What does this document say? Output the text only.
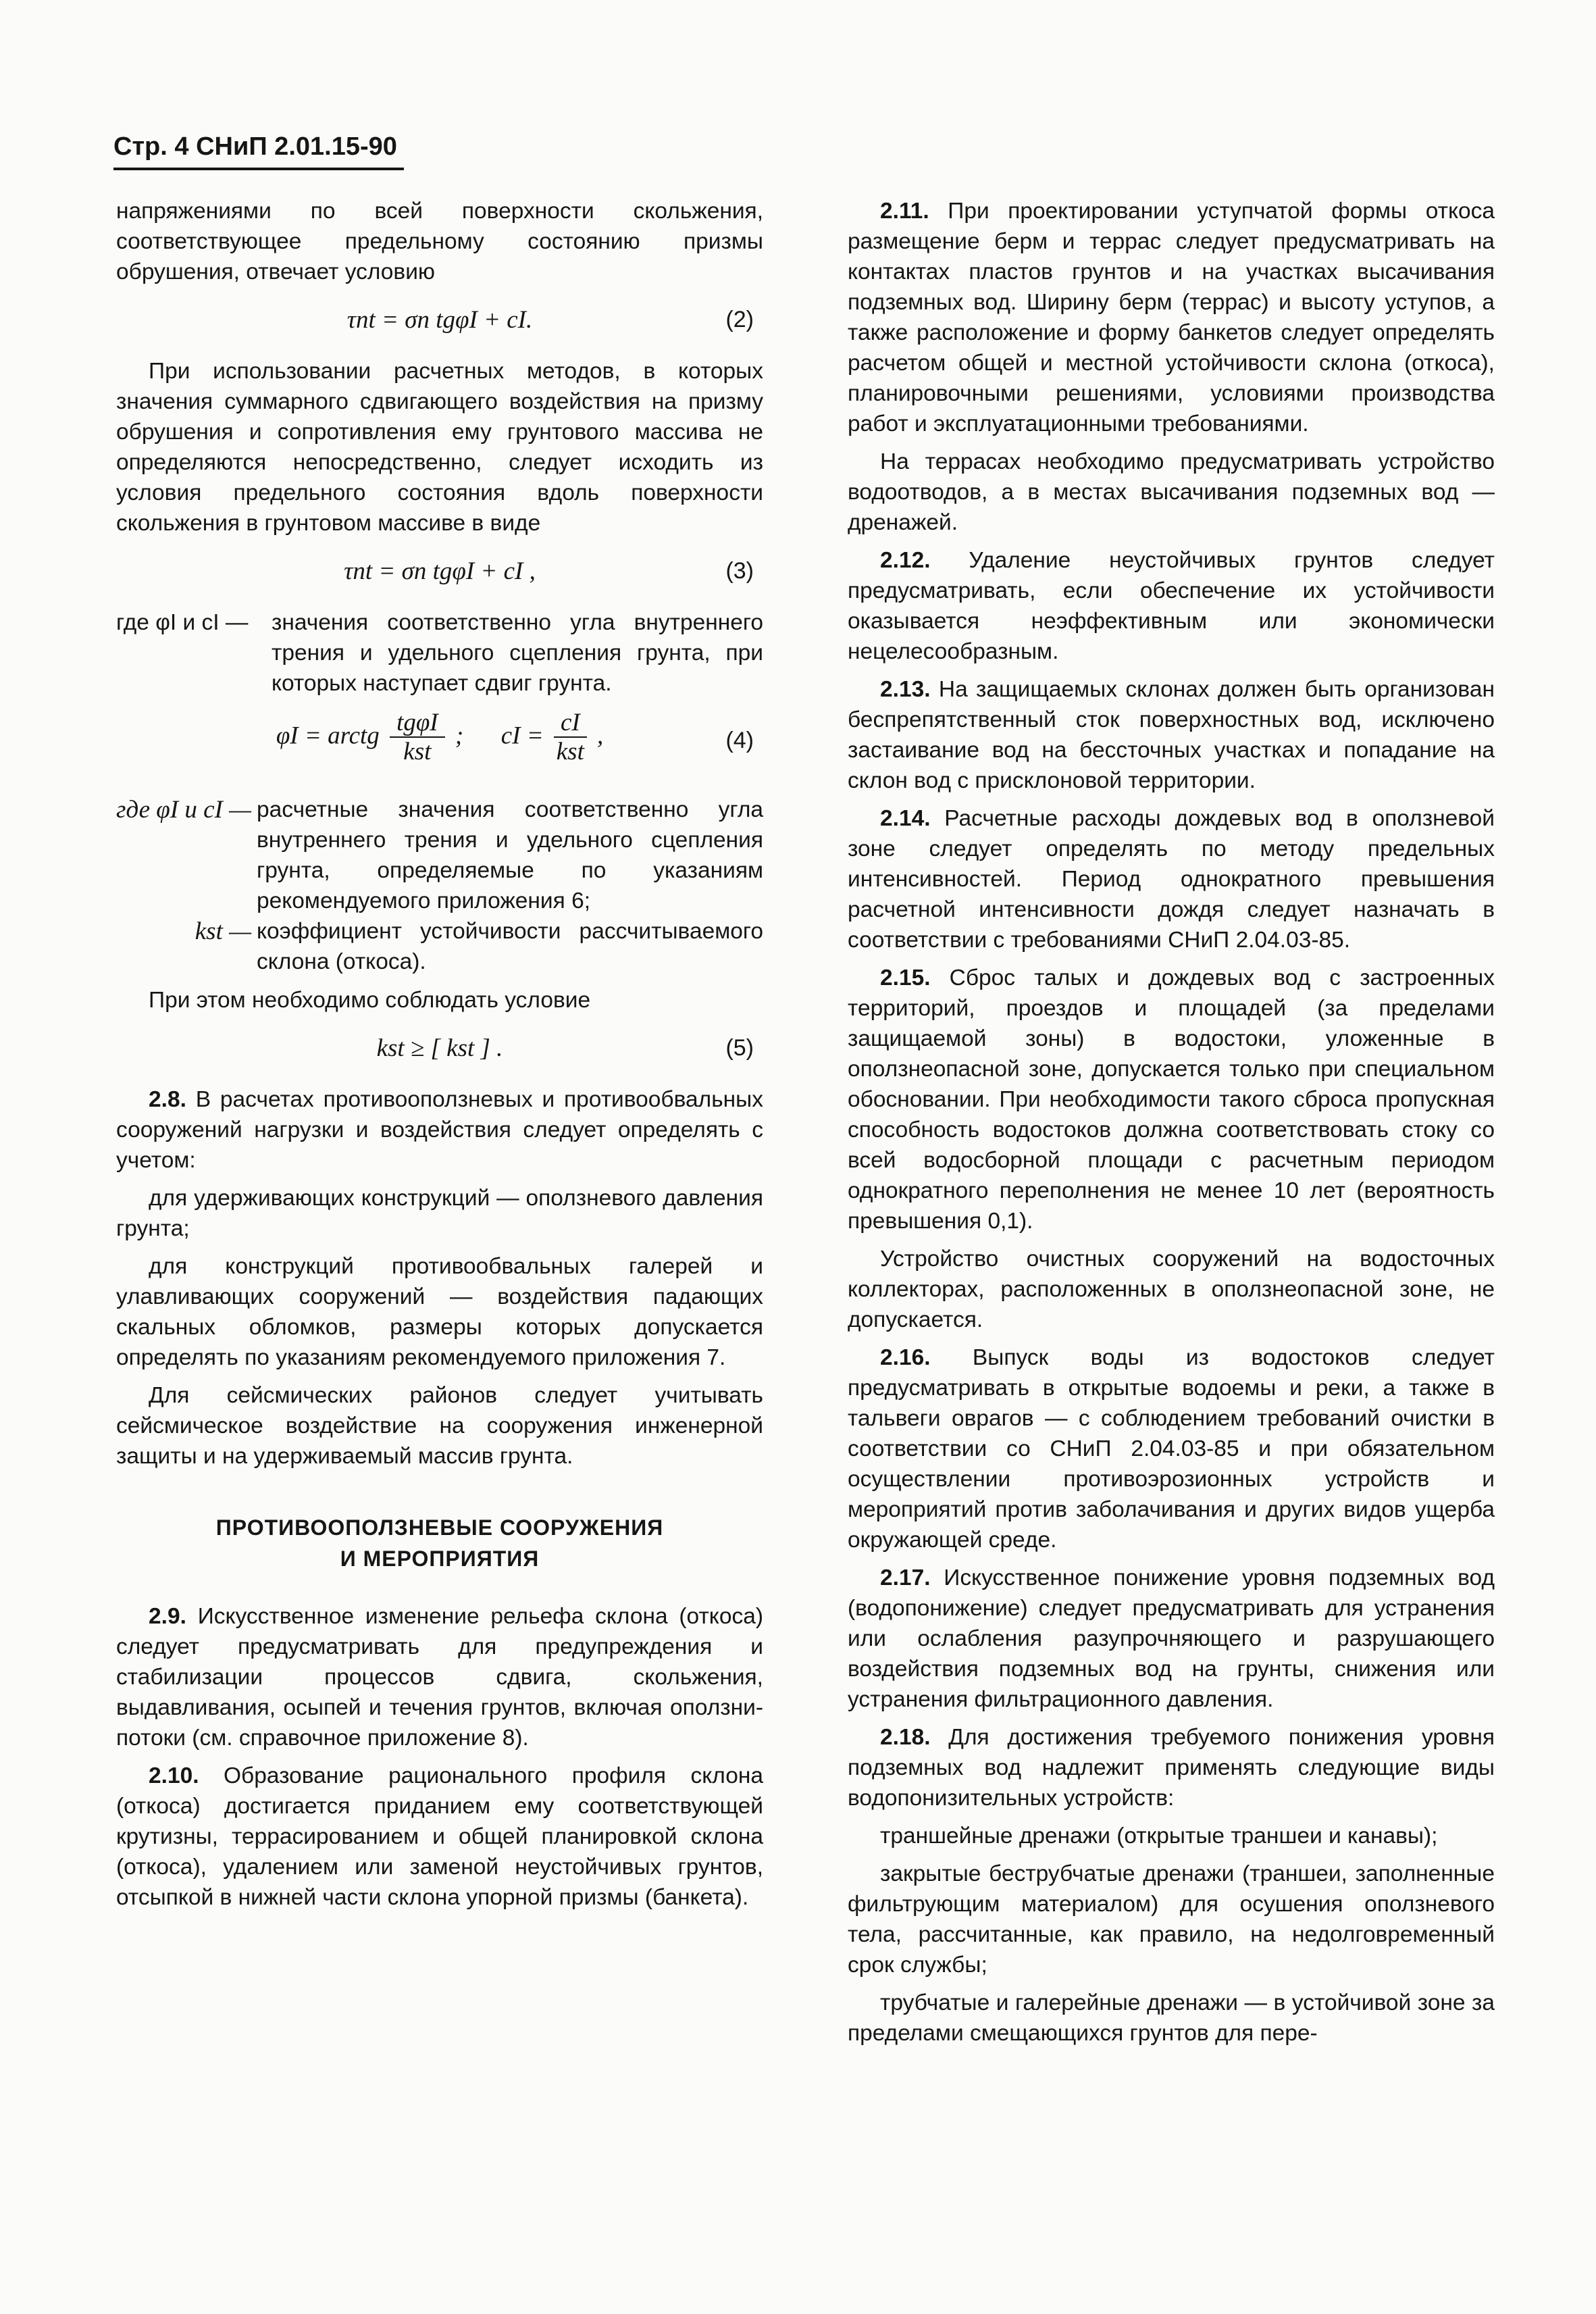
Стр. 4 СНиП 2.01.15-90

напряжениями по всей поверхности скольжения, соответствующее предельному состоянию призмы обрушения, отвечает условию

τnt = σn tgφI + cI.	(2)

При использовании расчетных методов, в которых значения суммарного сдвигающего воздействия на призму обрушения и сопротивления ему грунтового массива не определяются непосредственно, следует исходить из условия предельного состояния вдоль поверхности скольжения в грунтовом массиве в виде

τnt = σn tgφI + cI ,	(3)
где φI и cI —	значения соответственно угла внутреннего трения и удельного сцепления грунта, при которых наступает сдвиг грунта.
φI = arctg $\frac{\text{tgφI}}{\text{kst}}$ ; cI = $\frac{cI}{\text{kst}}$ ,	(4)
где φI и cI — расчетные значения соответственно угла внутреннего трения и удельного сцепления грунта, определяемые по указаниям рекомендуемого приложения 6;
kst — коэффициент устойчивости рассчитываемого склона (откоса).

При этом необходимо соблюдать условие

kst ≥ [ kst ] .	(5)

2.8. В расчетах противооползневых и противообвальных сооружений нагрузки и воздействия следует определять с учетом:

для удерживающих конструкций — оползневого давления грунта;

для конструкций противообвальных галерей и улавливающих сооружений — воздействия падающих скальных обломков, размеры которых допускается определять по указаниям рекомендуемого приложения 7.

Для сейсмических районов следует учитывать сейсмическое воздействие на сооружения инженерной защиты и на удерживаемый массив грунта.

ПРОТИВООПОЛЗНЕВЫЕ СООРУЖЕНИЯ
И МЕРОПРИЯТИЯ

2.9. Искусственное изменение рельефа склона (откоса) следует предусматривать для предупреждения и стабилизации процессов сдвига, скольжения, выдавливания, осыпей и течения грунтов, включая оползни-потоки (см. справочное приложение 8).

2.10. Образование рационального профиля склона (откоса) достигается приданием ему соответствующей крутизны, террасированием и общей планировкой склона (откоса), удалением или заменой неустойчивых грунтов, отсыпкой в нижней части склона упорной призмы (банкета).

2.11. При проектировании уступчатой формы откоса размещение берм и террас следует предусматривать на контактах пластов грунтов и на участках высачивания подземных вод. Ширину берм (террас) и высоту уступов, а также расположение и форму банкетов следует определять расчетом общей и местной устойчивости склона (откоса), планировочными решениями, условиями производства работ и эксплуатационными требованиями.

На террасах необходимо предусматривать устройство водоотводов, а в местах высачивания подземных вод — дренажей.

2.12. Удаление неустойчивых грунтов следует предусматривать, если обеспечение их устойчивости оказывается неэффективным или экономически нецелесообразным.

2.13. На защищаемых склонах должен быть организован беспрепятственный сток поверхностных вод, исключено застаивание вод на бессточных участках и попадание на склон вод с присклоновой территории.

2.14. Расчетные расходы дождевых вод в оползневой зоне следует определять по методу предельных интенсивностей. Период однократного превышения расчетной интенсивности дождя следует назначать в соответствии с требованиями СНиП 2.04.03-85.

2.15. Сброс талых и дождевых вод с застроенных территорий, проездов и площадей (за пределами защищаемой зоны) в водостоки, уложенные в оползнеопасной зоне, допускается только при специальном обосновании. При необходимости такого сброса пропускная способность водостоков должна соответствовать стоку со всей водосборной площади с расчетным периодом однократного переполнения не менее 10 лет (вероятность превышения 0,1).

Устройство очистных сооружений на водосточных коллекторах, расположенных в оползнеопасной зоне, не допускается.

2.16. Выпуск воды из водостоков следует предусматривать в открытые водоемы и реки, а также в тальвеги оврагов — с соблюдением требований очистки в соответствии со СНиП 2.04.03-85 и при обязательном осуществлении противоэрозионных устройств и мероприятий против заболачивания и других видов ущерба окружающей среде.

2.17. Искусственное понижение уровня подземных вод (водопонижение) следует предусматривать для устранения или ослабления разупрочняющего и разрушающего воздействия подземных вод на грунты, снижения или устранения фильтрационного давления.

2.18. Для достижения требуемого понижения уровня подземных вод надлежит применять следующие виды водопонизительных устройств:

траншейные дренажи (открытые траншеи и канавы);

закрытые беструбчатые дренажи (траншеи, заполненные фильтрующим материалом) для осушения оползневого тела, рассчитанные, как правило, на недолговременный срок службы;

трубчатые и галерейные дренажи — в устойчивой зоне за пределами смещающихся грунтов для пере-
